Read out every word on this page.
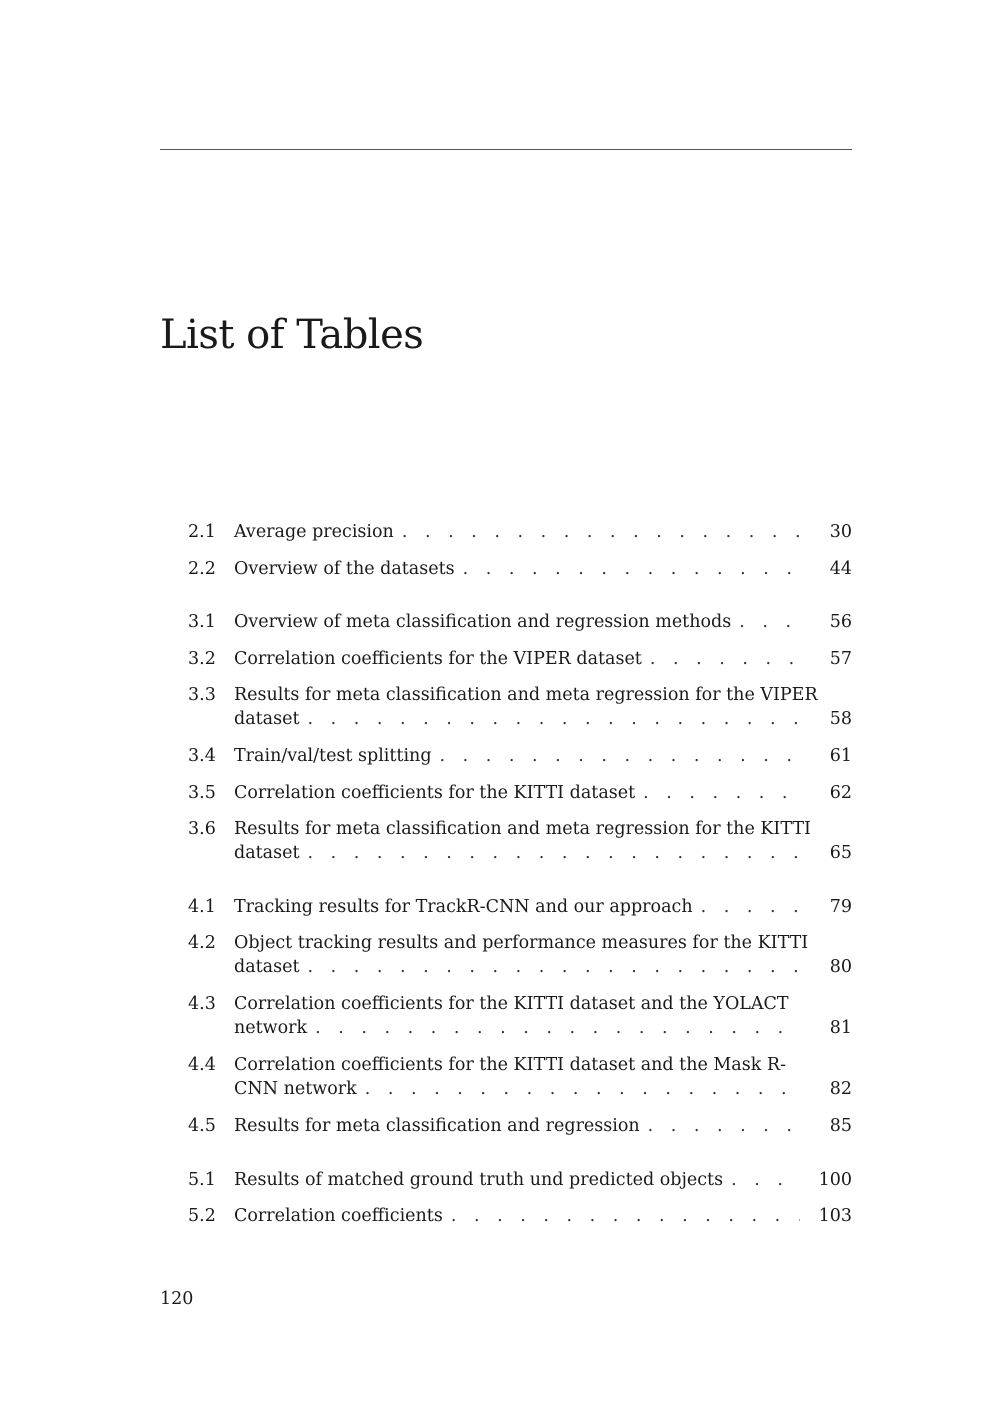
List of Tables
2.1 Average precision . . .	30
2.2 Overview of the datasets . . .	44
3.1 Overview of meta classification and regression methods . . .	56
3.2 Correlation coefficients for the VIPER dataset . . .	57
3.3 Results for meta classification and meta regression for the VIPER
dataset . . .	58
3.4 Train/val/test splitting . . .	61
3.5 Correlation coefficients for the KITTI dataset . . .	62
3.6 Results for meta classification and meta regression for the KITTI
dataset . . .	65
4.1 Tracking results for TrackR-CNN and our approach . . .	79
4.2 Object tracking results and performance measures for the KITTI
dataset . . .	80
4.3 Correlation coefficients for the KITTI dataset and the YOLACT
network . . .	81
4.4 Correlation coefficients for the KITTI dataset and the Mask R-
CNN network . . .	82
4.5 Results for meta classification and regression . . .	85
5.1 Results of matched ground truth und predicted objects . . .	100
5.2 Correlation coefficients . . .	103
120
